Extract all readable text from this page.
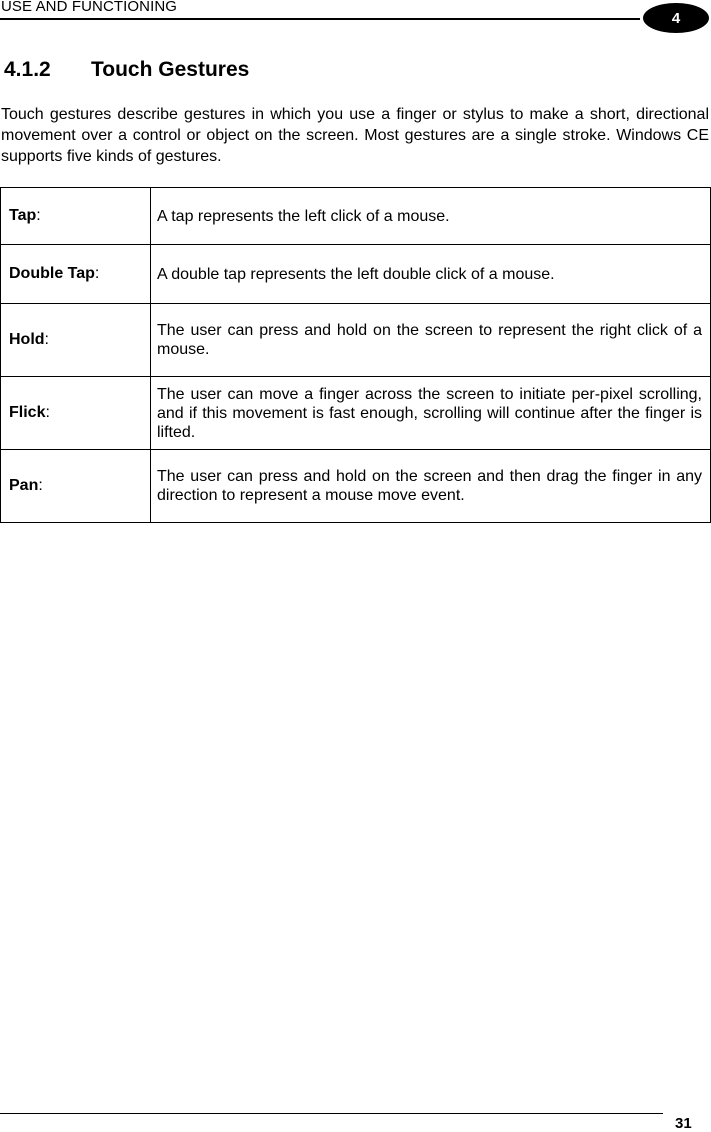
USE AND FUNCTIONING
4
4.1.2 Touch Gestures

Touch gestures describe gestures in which you use a finger or stylus to make a short, directional movement over a control or object on the screen. Most gestures are a single stroke. Windows CE supports five kinds of gestures.

Tap:	A tap represents the left click of a mouse.
Double Tap:	A double tap represents the left double click of a mouse.
Hold:	The user can press and hold on the screen to represent the right click of a mouse.
Flick:	The user can move a finger across the screen to initiate per-pixel scrolling, and if this movement is fast enough, scrolling will continue after the finger is lifted.
Pan:	The user can press and hold on the screen and then drag the finger in any direction to represent a mouse move event.
31
